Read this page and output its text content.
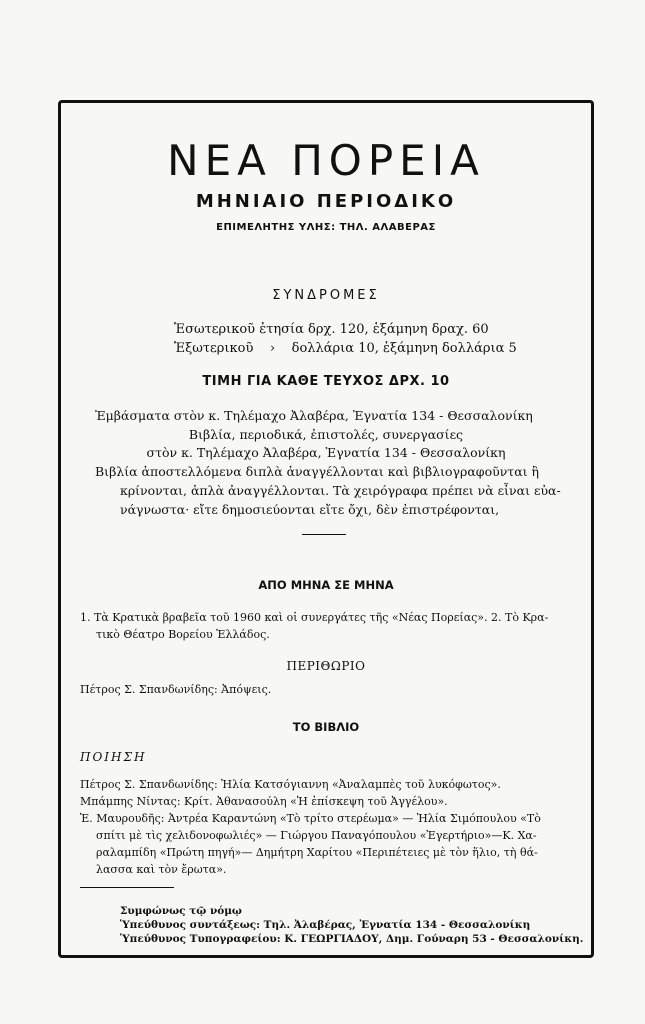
ΝΕΑ ΠΟΡΕΙΑ
ΜΗΝΙΑΙΟ ΠΕΡΙΟΔΙΚΟ
ΕΠΙΜΕΛΗΤΗΣ ΥΛΗΣ: ΤΗΛ. ΑΛΑΒΕΡΑΣ
ΣΥΝΔΡΟΜΕΣ
Ἐσωτερικοῦ ἐτησία δρχ. 120, ἑξάμηνη δραχ. 60
Ἐξωτερικοῦ    ›    δολλάρια 10, ἑξάμηνη δολλάρια 5
ΤΙΜΗ ΓΙΑ ΚΑΘΕ ΤΕΥΧΟΣ ΔΡΧ. 10
Ἐμβάσματα στὸν κ. Τηλέμαχο Ἀλαβέρα, Ἐγνατία 134 - Θεσσαλονίκη
Βιβλία, περιοδικά, ἐπιστολές, συνεργασίες
στὸν κ. Τηλέμαχο Ἀλαβέρα, Ἐγνατία 134 - Θεσσαλονίκη
Βιβλία ἀποστελλόμενα διπλὰ ἀναγγέλλονται καὶ βιβλιογραφοῦνται ἢ
κρίνονται, ἁπλὰ ἀναγγέλλονται. Τὰ χειρόγραφα πρέπει νὰ εἶναι εὐα-
νάγνωστα· εἴτε δημοσιεύονται εἴτε ὄχι, δὲν ἐπιστρέφονται,
ΑΠΟ ΜΗΝΑ ΣΕ ΜΗΝΑ
1. Τὰ Κρατικὰ βραβεῖα τοῦ 1960 καὶ οἱ συνεργάτες τῆς «Νέας Πορείας». 2. Τὸ Κρα-
τικὸ Θέατρο Βορείου Ἑλλάδος.
ΠΕΡΙΘΩΡΙΟ
Πέτρος Σ. Σπανδωνίδης: Ἀπόψεις.
ΤΟ ΒΙΒΛΙΟ
ΠΟΙΗΣΗ
Πέτρος Σ. Σπανδωνίδης: Ἡλία Κατσόγιαννη «Ἀναλαμπὲς τοῦ λυκόφωτος».
Μπάμπης Νίντας: Κρίτ. Ἀθανασούλη «Ἡ ἐπίσκεψη τοῦ Ἀγγέλου».
Ἑ. Μαυρουδῆς: Ἀντρέα Καραντώνη «Τὸ τρίτο στερέωμα» — Ἡλία Σιμόπουλου «Τὸ
σπίτι μὲ τὶς χελιδονοφωλιές» — Γιώργου Παναγόπουλου «Ἐγερτήριο»—Κ. Χα-
ραλαμπίδη «Πρώτη πηγή»— Δημήτρη Χαρίτου «Περιπέτειες μὲ τὸν ἥλιο, τὴ θά-
λασσα καὶ τὸν ἔρωτα».
Συμφώνως τῷ νόμῳ
Ὑπεύθυνος συντάξεως: Τηλ. Ἀλαβέρας, Ἐγνατία 134 - Θεσσαλονίκη
Ὑπεύθυνος Τυπογραφείου: Κ. ΓΕΩΡΓΙΑΔΟΥ, Δημ. Γούναρη 53 - Θεσσαλονίκη.
